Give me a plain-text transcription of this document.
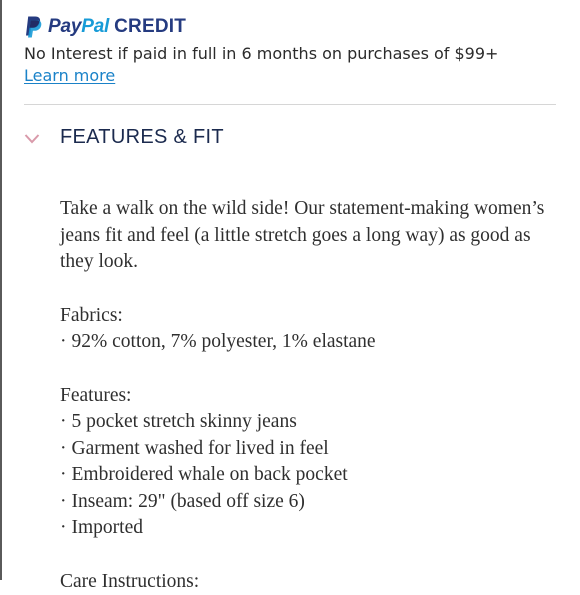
Pay Pal CREDIT
No Interest if paid in full in 6 months on purchases of $99+
Learn more
FEATURES & FIT

Take a walk on the wild side! Our statement-making women’s jeans fit and feel (a little stretch goes a long way) as good as they look.

Fabrics:

· 92% cotton, 7% polyester, 1% elastane

Features:

· 5 pocket stretch skinny jeans
· Garment washed for lived in feel
· Embroidered whale on back pocket
· Inseam: 29" (based off size 6)
· Imported

Care Instructions:
